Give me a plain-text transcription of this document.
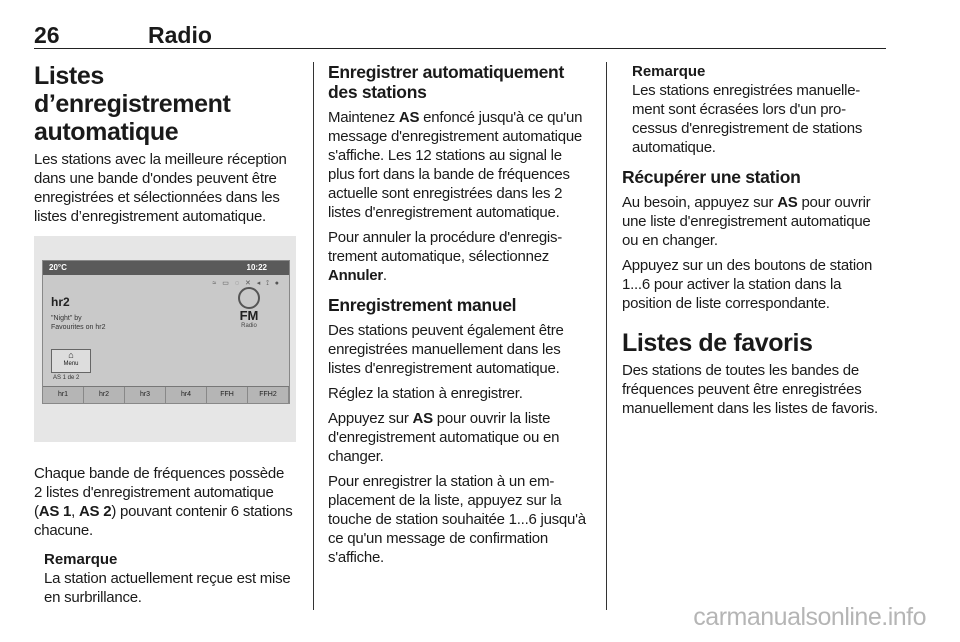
26	Radio
Listes d’enregistrement automatique

Les stations avec la meilleure réception dans une bande d'ondes peuvent être enregistrées et sélectionnées dans les listes d’enregistrement automatique.

20°C	10:22
≈ ▭ ◌ ✕ ◂ ⟟ ●
hr2
"Night" by
Favourites on hr2
FM
Radio
⌂
Menu
AS 1 de 2
hr1	hr2	hr3	hr4	FFH	FFH2

Chaque bande de fréquences possède 2 listes d'enregistrement automatique (AS 1, AS 2) pouvant contenir 6 stations chacune.

Remarque

La station actuellement reçue est mise en surbrillance.

Enregistrer automatiquement des stations

Maintenez AS enfoncé jusqu'à ce qu'un message d'enregistrement automatique s'affiche. Les 12 stations au signal le plus fort dans la bande de fréquences actuelle sont enregistrées dans les 2 listes d'enregistrement automatique.

Pour annuler la procédure d'enregistrement automatique, sélectionnez Annuler.

Enregistrement manuel

Des stations peuvent également être enregistrées manuellement dans les listes d'enregistrement automatique.

Réglez la station à enregistrer.

Appuyez sur AS pour ouvrir la liste d'enregistrement automatique ou en changer.

Pour enregistrer la station à un emplacement de la liste, appuyez sur la touche de station souhaitée 1...6 jusqu'à ce qu'un message de confirmation s'affiche.

Remarque

Les stations enregistrées manuellement sont écrasées lors d'un processus d'enregistrement de stations automatique.

Récupérer une station

Au besoin, appuyez sur AS pour ouvrir une liste d'enregistrement automatique ou en changer.

Appuyez sur un des boutons de station 1...6 pour activer la station dans la position de liste correspondante.

Listes de favoris

Des stations de toutes les bandes de fréquences peuvent être enregistrées manuellement dans les listes de favoris.

carmanualsonline.info
